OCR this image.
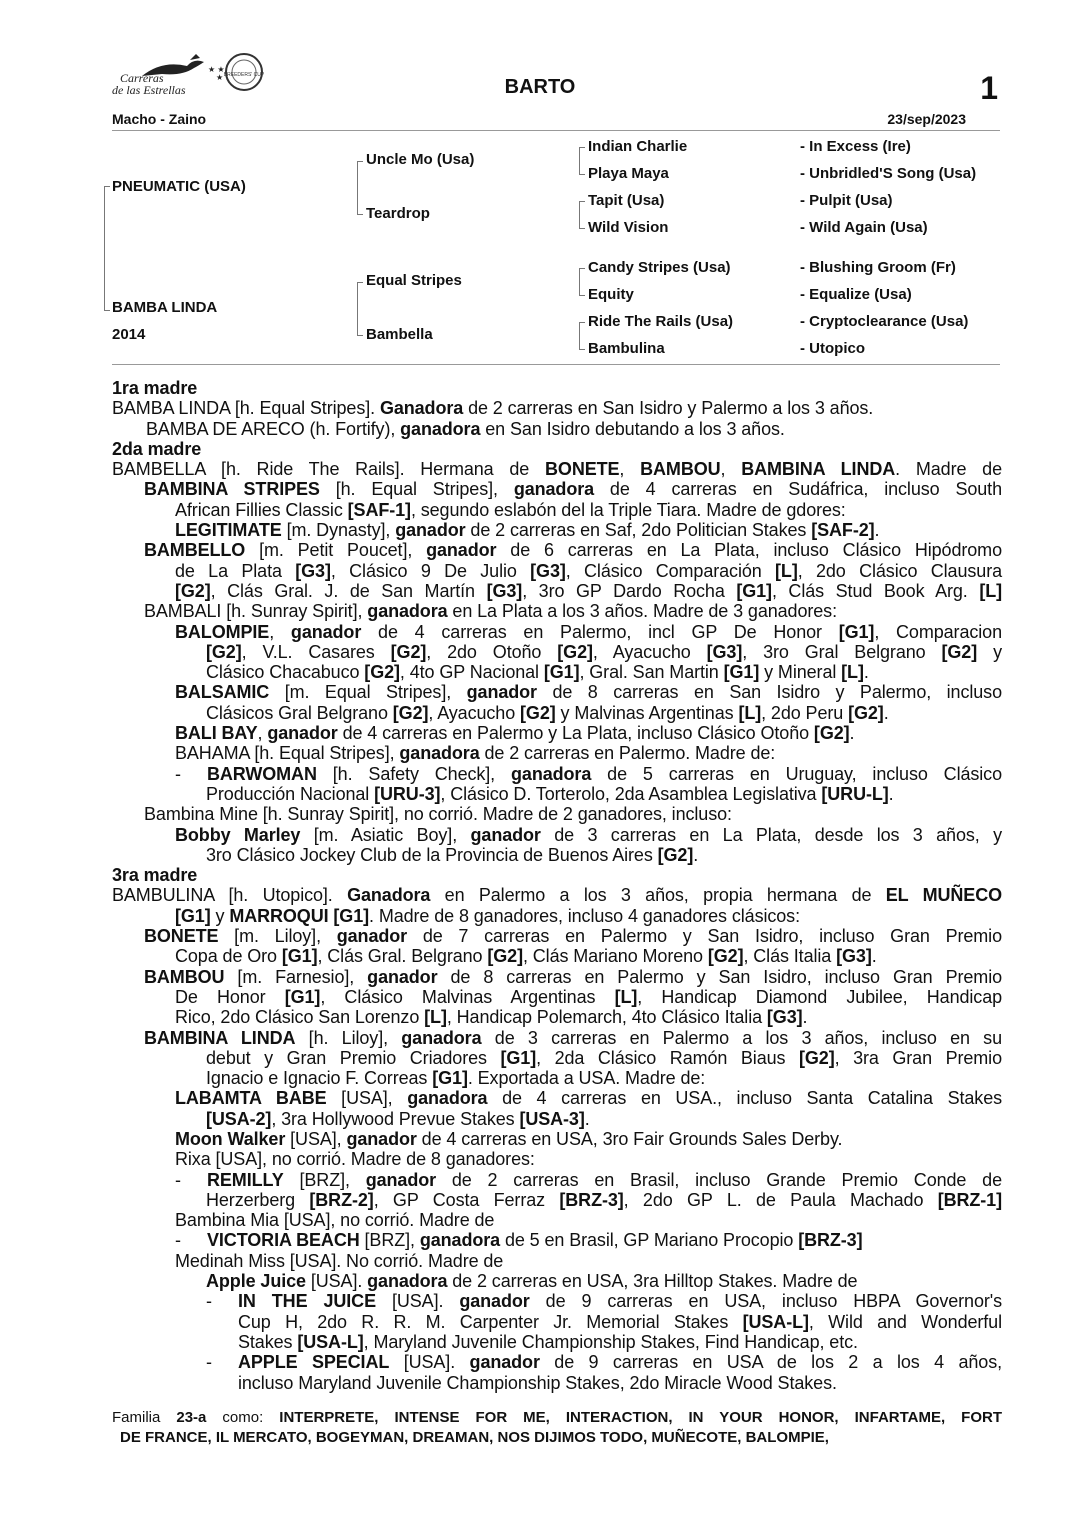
★ ★
★
Carreras
de las Estrellas
BREEDERS' CUP
BARTO	1
Macho - Zaino	23/sep/2023
PNEUMATIC (USA)
BAMBA LINDA
2014
Uncle Mo (Usa)
Teardrop
Equal Stripes
Bambella
Indian Charlie
Playa Maya
Tapit (Usa)
Wild Vision
Candy Stripes (Usa)
Equity
Ride The Rails (Usa)
Bambulina
- In Excess (Ire)
- Unbridled'S Song (Usa)
- Pulpit (Usa)
- Wild Again (Usa)
- Blushing Groom (Fr)
- Equalize (Usa)
- Cryptoclearance (Usa)
- Utopico
1ra madre
BAMBA LINDA [h. Equal Stripes]. Ganadora de 2 carreras en San Isidro y Palermo a los 3 años.
BAMBA DE ARECO (h. Fortify), ganadora en San Isidro debutando a los 3 años.
2da madre
BAMBELLA [h. Ride The Rails]. Hermana de BONETE, BAMBOU, BAMBINA LINDA. Madre de
BAMBINA STRIPES [h. Equal Stripes], ganadora de 4 carreras en Sudáfrica, incluso South
African Fillies Classic [SAF-1], segundo eslabón del la Triple Tiara. Madre de gdores:
LEGITIMATE [m. Dynasty], ganador de 2 carreras en Saf, 2do Politician Stakes [SAF-2].
BAMBELLO [m. Petit Poucet], ganador de 6 carreras en La Plata, incluso Clásico Hipódromo
de La Plata [G3], Clásico 9 De Julio [G3], Clásico Comparación [L], 2do Clásico Clausura
[G2], Clás Gral. J. de San Martín [G3], 3ro GP Dardo Rocha [G1], Clás Stud Book Arg. [L]
BAMBALI [h. Sunray Spirit], ganadora en La Plata a los 3 años. Madre de 3 ganadores:
BALOMPIE, ganador de 4 carreras en Palermo, incl GP De Honor [G1], Comparacion
[G2], V.L. Casares [G2], 2do Otoño [G2], Ayacucho [G3], 3ro Gral Belgrano [G2] y
Clásico Chacabuco [G2], 4to GP Nacional [G1], Gral. San Martin [G1] y Mineral [L].
BALSAMIC [m. Equal Stripes], ganador de 8 carreras en San Isidro y Palermo, incluso
Clásicos Gral Belgrano [G2], Ayacucho [G2] y Malvinas Argentinas [L], 2do Peru [G2].
BALI BAY, ganador de 4 carreras en Palermo y La Plata, incluso Clásico Otoño [G2].
BAHAMA [h. Equal Stripes], ganadora de 2 carreras en Palermo. Madre de:
- BARWOMAN [h. Safety Check], ganadora de 5 carreras en Uruguay, incluso Clásico
Producción Nacional [URU-3], Clásico D. Torterolo, 2da Asamblea Legislativa [URU-L].
Bambina Mine [h. Sunray Spirit], no corrió. Madre de 2 ganadores, incluso:
Bobby Marley [m. Asiatic Boy], ganador de 3 carreras en La Plata, desde los 3 años, y
3ro Clásico Jockey Club de la Provincia de Buenos Aires [G2].
3ra madre
BAMBULINA [h. Utopico]. Ganadora en Palermo a los 3 años, propia hermana de EL MUÑECO
[G1] y MARROQUI [G1]. Madre de 8 ganadores, incluso 4 ganadores clásicos:
BONETE [m. Liloy], ganador de 7 carreras en Palermo y San Isidro, incluso Gran Premio
Copa de Oro [G1], Clás Gral. Belgrano [G2], Clás Mariano Moreno [G2], Clás Italia [G3].
BAMBOU [m. Farnesio], ganador de 8 carreras en Palermo y San Isidro, incluso Gran Premio
De Honor [G1], Clásico Malvinas Argentinas [L], Handicap Diamond Jubilee, Handicap
Rico, 2do Clásico San Lorenzo [L], Handicap Polemarch, 4to Clásico Italia [G3].
BAMBINA LINDA [h. Liloy], ganadora de 3 carreras en Palermo a los 3 años, incluso en su
debut y Gran Premio Criadores [G1], 2da Clásico Ramón Biaus [G2], 3ra Gran Premio
Ignacio e Ignacio F. Correas [G1]. Exportada a USA. Madre de:
LABAMTA BABE [USA], ganadora de 4 carreras en USA., incluso Santa Catalina Stakes
[USA-2], 3ra Hollywood Prevue Stakes [USA-3].
Moon Walker [USA], ganador de 4 carreras en USA, 3ro Fair Grounds Sales Derby.
Rixa [USA], no corrió. Madre de 8 ganadores:
- REMILLY [BRZ], ganador de 2 carreras en Brasil, incluso Grande Premio Conde de
Herzerberg [BRZ-2], GP Costa Ferraz [BRZ-3], 2do GP L. de Paula Machado [BRZ-1]
Bambina Mia [USA], no corrió. Madre de
- VICTORIA BEACH [BRZ], ganadora de 5 en Brasil, GP Mariano Procopio [BRZ-3]
Medinah Miss [USA]. No corrió. Madre de
Apple Juice [USA]. ganadora de 2 carreras en USA, 3ra Hilltop Stakes. Madre de
- IN THE JUICE [USA]. ganador de 9 carreras en USA, incluso HBPA Governor's
Cup H, 2do R. R. M. Carpenter Jr. Memorial Stakes [USA-L], Wild and Wonderful
Stakes [USA-L], Maryland Juvenile Championship Stakes, Find Handicap, etc.
- APPLE SPECIAL [USA]. ganador de 9 carreras en USA de los 2 a los 4 años,
incluso Maryland Juvenile Championship Stakes, 2do Miracle Wood Stakes.
Familia 23-a como: INTERPRETE, INTENSE FOR ME, INTERACTION, IN YOUR HONOR, INFARTAME, FORT
DE FRANCE, IL MERCATO, BOGEYMAN, DREAMAN, NOS DIJIMOS TODO, MUÑECOTE, BALOMPIE,
